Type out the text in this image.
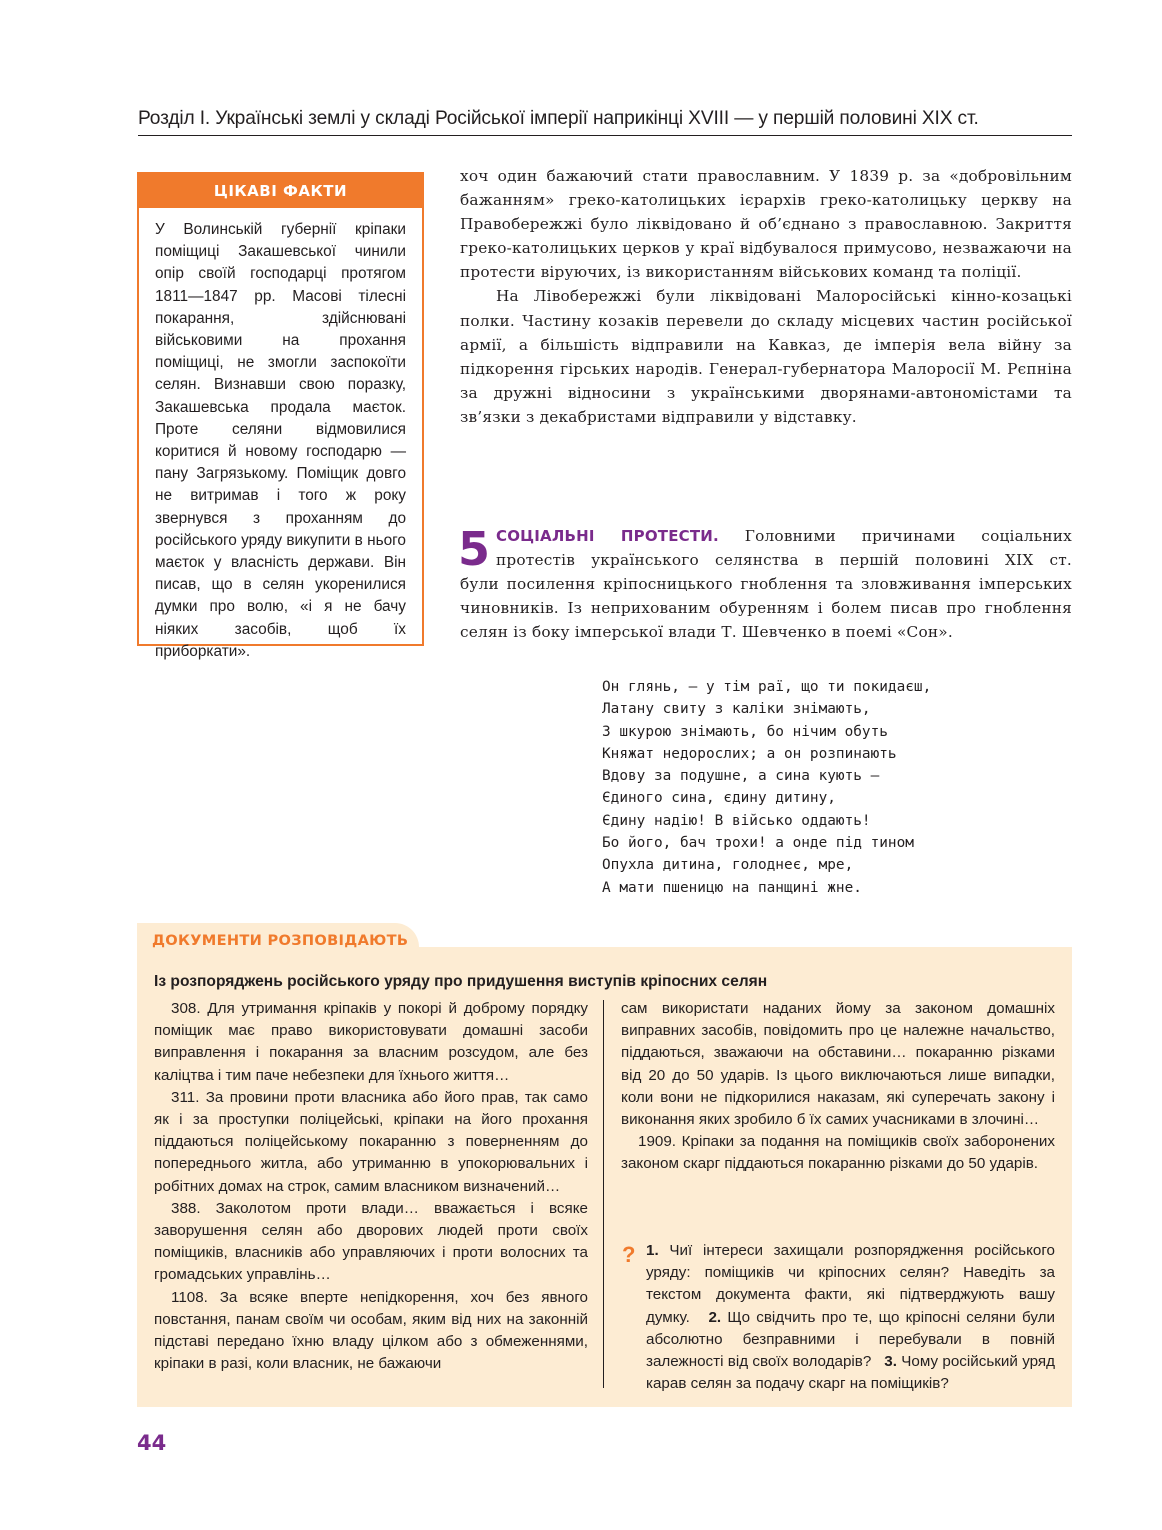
Розділ І. Українські землі у складі Російської імперії наприкінці XVIII — у першій половині XIX ст.
ЦІКАВІ ФАКТИ
У Волинській губернії кріпаки поміщиці Закашевської чинили опір своїй господарці протягом 1811—1847 рр. Масові тілесні покарання, здійснювані військовими на прохання поміщиці, не змогли заспокоїти селян. Визнавши свою поразку, Закашевська продала маєток. Проте селяни відмовилися коритися й новому господарю — пану Загрязькому. Поміщик довго не витримав і того ж року звернувся з проханням до російського уряду викупити в нього маєток у власність держави. Він писав, що в селян укоренилися думки про волю, «і я не бачу ніяких засобів, щоб їх приборкати».

хоч один бажаючий стати православним. У 1839 р. за «добровільним бажанням» греко-католицьких ієрархів греко-католицьку церкву на Правобережжі було ліквідовано й об’єднано з православною. Закриття греко-католицьких церков у краї відбувалося примусово, незважаючи на протести віруючих, із використанням військових команд та поліції.

На Лівобережжі були ліквідовані Малоросійські кінно-козацькі полки. Частину козаків перевели до складу місцевих частин російської армії, а більшість відправили на Кавказ, де імперія вела війну за підкорення гірських народів. Генерал-губернатора Малоросії М. Рєпніна за дружні відносини з українськими дворянами-автономістами та зв’язки з декабристами відправили у відставку.

5 СОЦІАЛЬНІ ПРОТЕСТИ. Головними причинами соціальних
протестів українського селянства в першій половині XIX ст.
були посилення кріпосницького гноблення та зловживання імперських чиновників. Із неприхованим обуренням і болем писав про гноблення селян із боку імперської влади Т. Шевченко в поемі «Сон».
Он глянь, — у тім раї, що ти покидаєш,
Латану свиту з каліки знімають,
З шкурою знімають, бо нічим обуть
Княжат недорослих; а он розпинають
Вдову за подушне, а сина кують —
Єдиного сина, єдину дитину,
Єдину надію! В військо оддають!
Бо його, бач трохи! а онде під тином
Опухла дитина, голоднеє, мре,
А мати пшеницю на панщині жне.
ДОКУМЕНТИ РОЗПОВІДАЮТЬ
Із розпоряджень російського уряду про придушення виступів кріпосних селян

308. Для утримання кріпаків у покорі й доброму порядку поміщик має право використовувати домашні засоби виправлення і покарання за власним розсудом, але без каліцтва і тим паче небезпеки для їхнього життя…

311. За провини проти власника або його прав, так само як і за проступки поліцейські, кріпаки на його прохання піддаються поліцейському покаранню з поверненням до попереднього житла, або утриманню в упокорювальних і робітних домах на строк, самим власником визначений…

388. Заколотом проти влади… вважається і всяке заворушення селян або дворових людей проти своїх поміщиків, власників або управляючих і проти волосних та громадських управлінь…

1108. За всяке вперте непідкорення, хоч без явного повстання, панам своїм чи особам, яким від них на законній підставі передано їхню владу цілком або з обмеженнями, кріпаки в разі, коли власник, не бажаючи

сам використати наданих йому за законом домашніх виправних засобів, повідомить про це належне начальство, піддаються, зважаючи на обставини… покаранню різками від 20 до 50 ударів. Із цього виключаються лише випадки, коли вони не підкорилися наказам, які суперечать закону і виконання яких зробило б їх самих учасниками в злочині…

1909. Кріпаки за подання на поміщиків своїх заборонених законом скарг піддаються покаранню різками до 50 ударів.

? 1. Чиї інтереси захищали розпорядження російського уряду: поміщиків чи кріпосних селян? Наведіть за текстом документа факти, які підтверджують вашу думку. 2. Що свідчить про те, що кріпосні селяни були абсолютно безправними і перебували в повній залежності від своїх володарів? 3. Чому російський уряд карав селян за подачу скарг на поміщиків?
44
